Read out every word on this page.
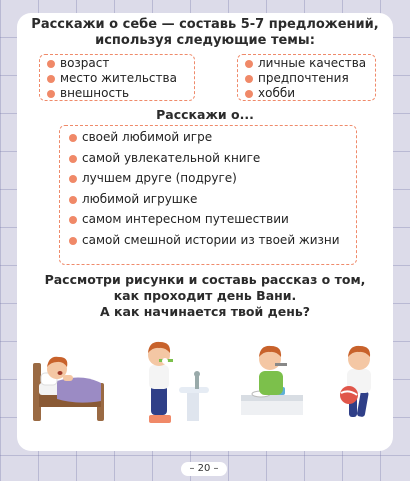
Расскажи о себе — составь 5-7 предложений,
используя следующие темы:
возраст
место жительства
внешность
личные качества
предпочтения
хобби
Расскажи о...
своей любимой игре
самой увлекательной книге
лучшем друге (подруге)
любимой игрушке
самом интересном путешествии
самой смешной истории из твоей жизни
Рассмотри рисунки и составь рассказ о том,
как проходит день Вани.
А как начинается твой день?
– 20 –
